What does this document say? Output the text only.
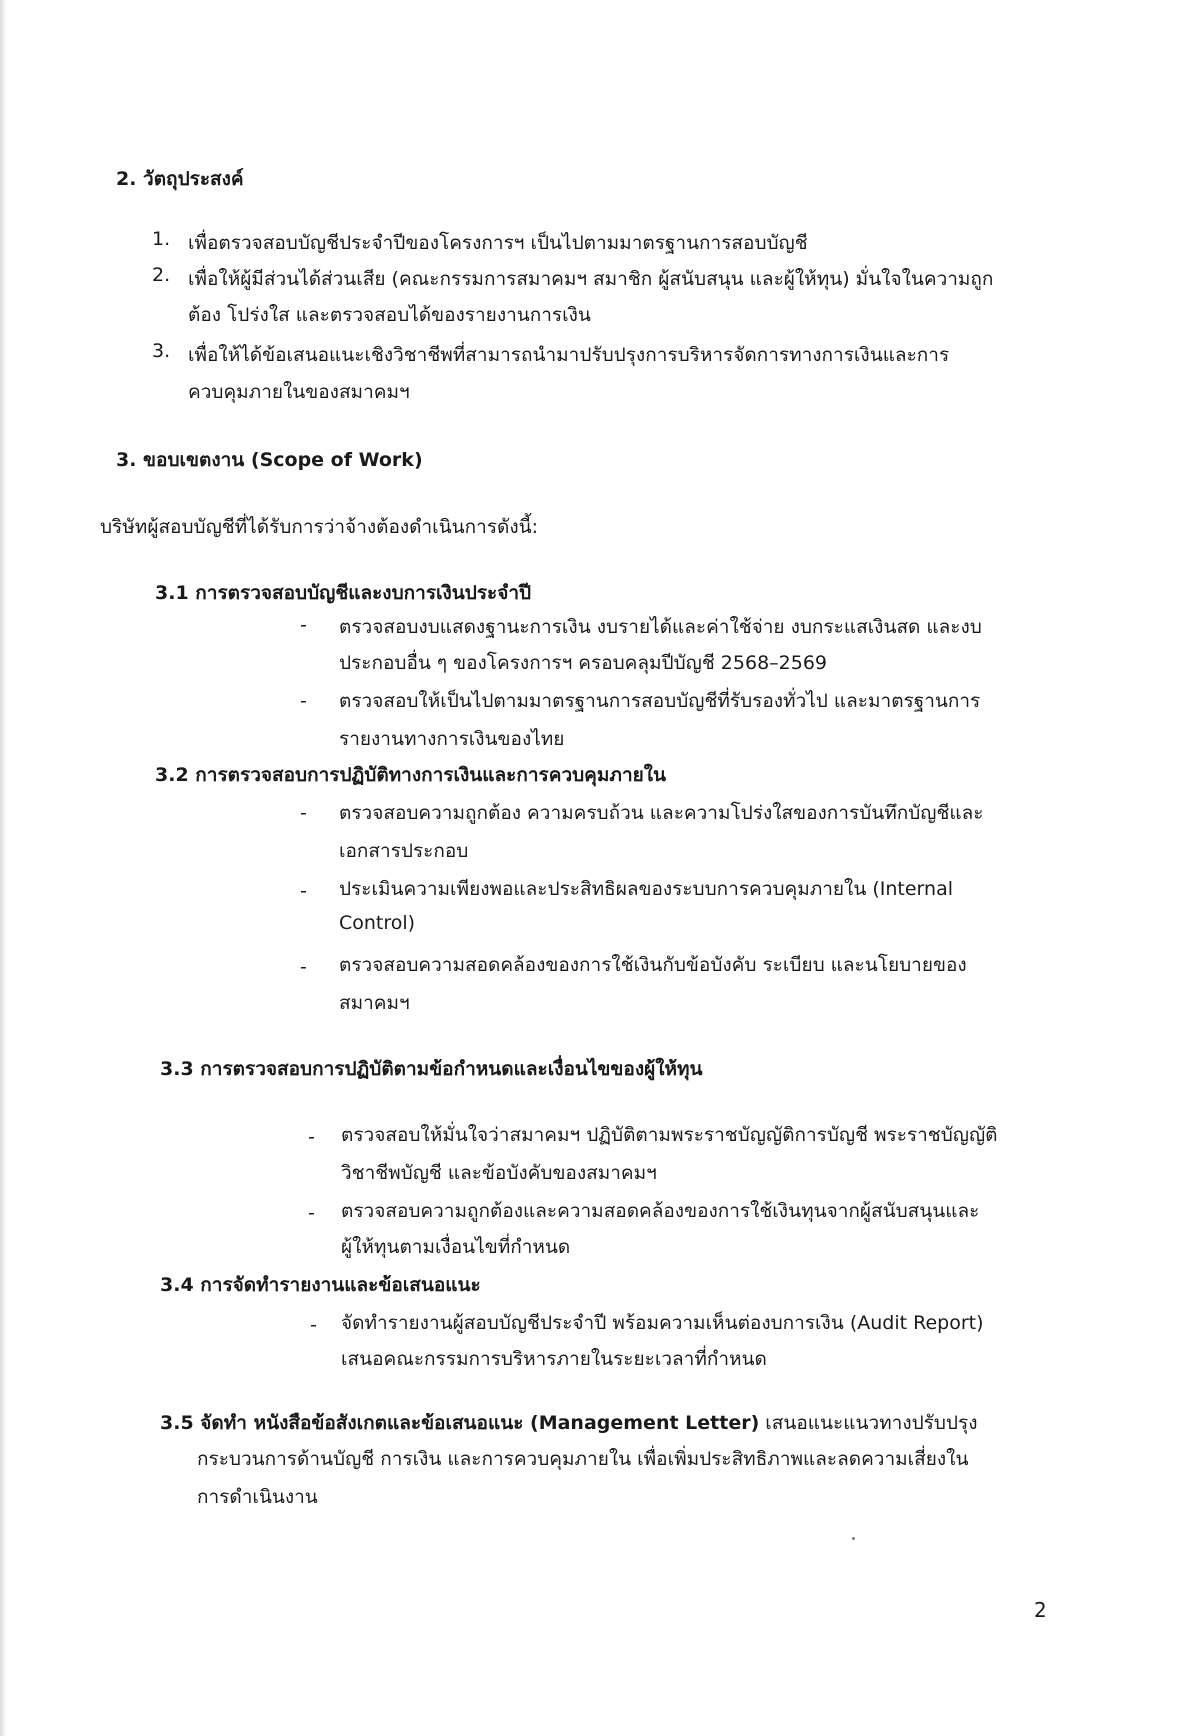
2. วัตถุประสงค์
1. เพื่อตรวจสอบบัญชีประจำปีของโครงการฯ เป็นไปตามมาตรฐานการสอบบัญชี
2. เพื่อให้ผู้มีส่วนได้ส่วนเสีย (คณะกรรมการสมาคมฯ สมาชิก ผู้สนับสนุน และผู้ให้ทุน) มั่นใจในความถูก
ต้อง โปร่งใส และตรวจสอบได้ของรายงานการเงิน
3. เพื่อให้ได้ข้อเสนอแนะเชิงวิชาชีพที่สามารถนำมาปรับปรุงการบริหารจัดการทางการเงินและการ
ควบคุมภายในของสมาคมฯ
3. ขอบเขตงาน (Scope of Work)
บริษัทผู้สอบบัญชีที่ได้รับการว่าจ้างต้องดำเนินการดังนี้:
3.1 การตรวจสอบบัญชีและงบการเงินประจำปี
- ตรวจสอบงบแสดงฐานะการเงิน งบรายได้และค่าใช้จ่าย งบกระแสเงินสด และงบ
ประกอบอื่น ๆ ของโครงการฯ ครอบคลุมปีบัญชี 2568–2569
- ตรวจสอบให้เป็นไปตามมาตรฐานการสอบบัญชีที่รับรองทั่วไป และมาตรฐานการ
รายงานทางการเงินของไทย
3.2 การตรวจสอบการปฏิบัติทางการเงินและการควบคุมภายใน
- ตรวจสอบความถูกต้อง ความครบถ้วน และความโปร่งใสของการบันทึกบัญชีและ
เอกสารประกอบ
- ประเมินความเพียงพอและประสิทธิผลของระบบการควบคุมภายใน (Internal
Control)
- ตรวจสอบความสอดคล้องของการใช้เงินกับข้อบังคับ ระเบียบ และนโยบายของ
สมาคมฯ
3.3 การตรวจสอบการปฏิบัติตามข้อกำหนดและเงื่อนไขของผู้ให้ทุน
- ตรวจสอบให้มั่นใจว่าสมาคมฯ ปฏิบัติตามพระราชบัญญัติการบัญชี พระราชบัญญัติ
วิชาชีพบัญชี และข้อบังคับของสมาคมฯ
- ตรวจสอบความถูกต้องและความสอดคล้องของการใช้เงินทุนจากผู้สนับสนุนและ
ผู้ให้ทุนตามเงื่อนไขที่กำหนด
3.4 การจัดทำรายงานและข้อเสนอแนะ
- จัดทำรายงานผู้สอบบัญชีประจำปี พร้อมความเห็นต่องบการเงิน (Audit Report)
เสนอคณะกรรมการบริหารภายในระยะเวลาที่กำหนด
3.5 จัดทำ หนังสือข้อสังเกตและข้อเสนอแนะ (Management Letter) เสนอแนะแนวทางปรับปรุง
กระบวนการด้านบัญชี การเงิน และการควบคุมภายใน เพื่อเพิ่มประสิทธิภาพและลดความเสี่ยงใน
การดำเนินงาน
2
